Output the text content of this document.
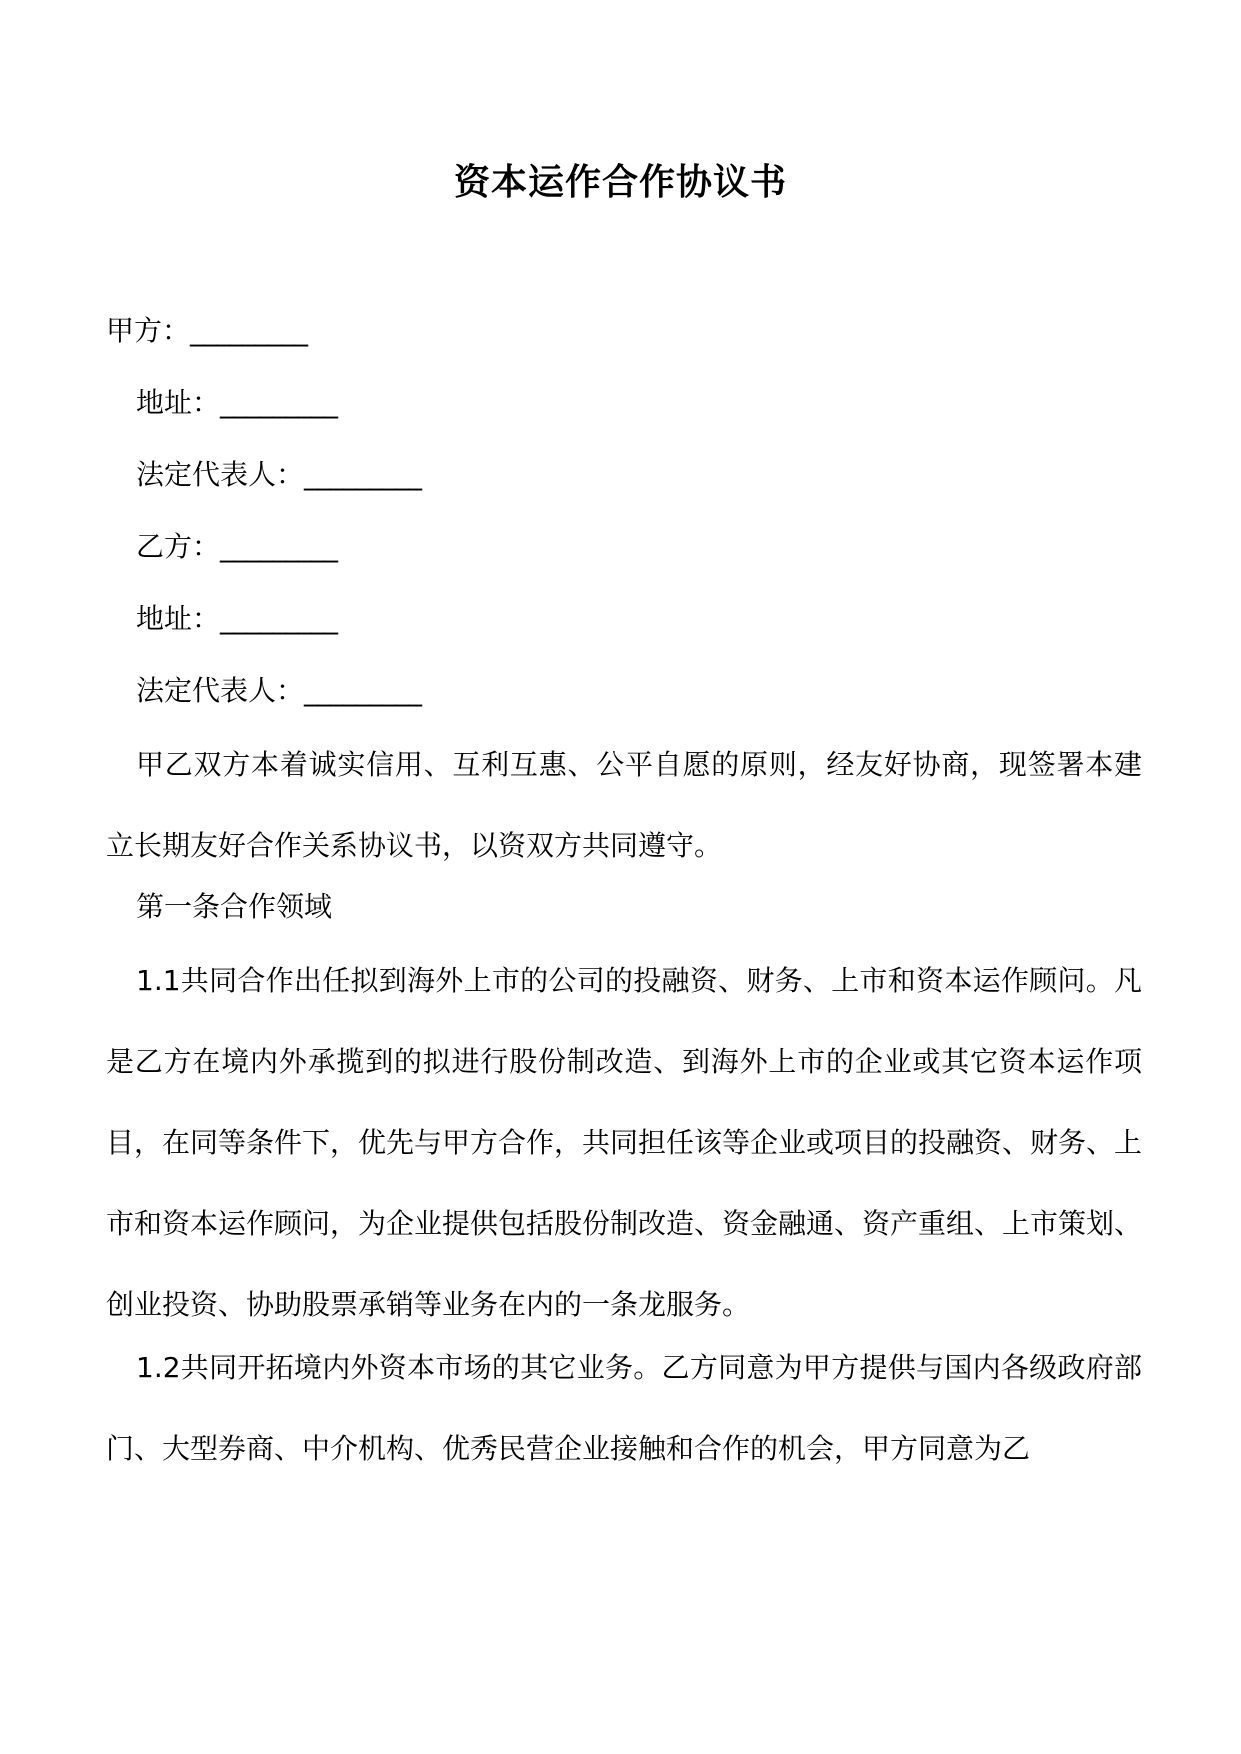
资本运作合作协议书
甲方：_________
地址：_________
法定代表人：_________
乙方：_________
地址：_________
法定代表人：_________
甲乙双方本着诚实信用、互利互惠、公平自愿的原则，经友好协商，现签署本建立长期友好合作关系协议书，以资双方共同遵守。
第一条合作领域
1.1共同合作出任拟到海外上市的公司的投融资、财务、上市和资本运作顾问。凡是乙方在境内外承揽到的拟进行股份制改造、到海外上市的企业或其它资本运作项目，在同等条件下，优先与甲方合作，共同担任该等企业或项目的投融资、财务、上市和资本运作顾问，为企业提供包括股份制改造、资金融通、资产重组、上市策划、创业投资、协助股票承销等业务在内的一条龙服务。
1.2共同开拓境内外资本市场的其它业务。乙方同意为甲方提供与国内各级政府部门、大型券商、中介机构、优秀民营企业接触和合作的机会，甲方同意为乙
